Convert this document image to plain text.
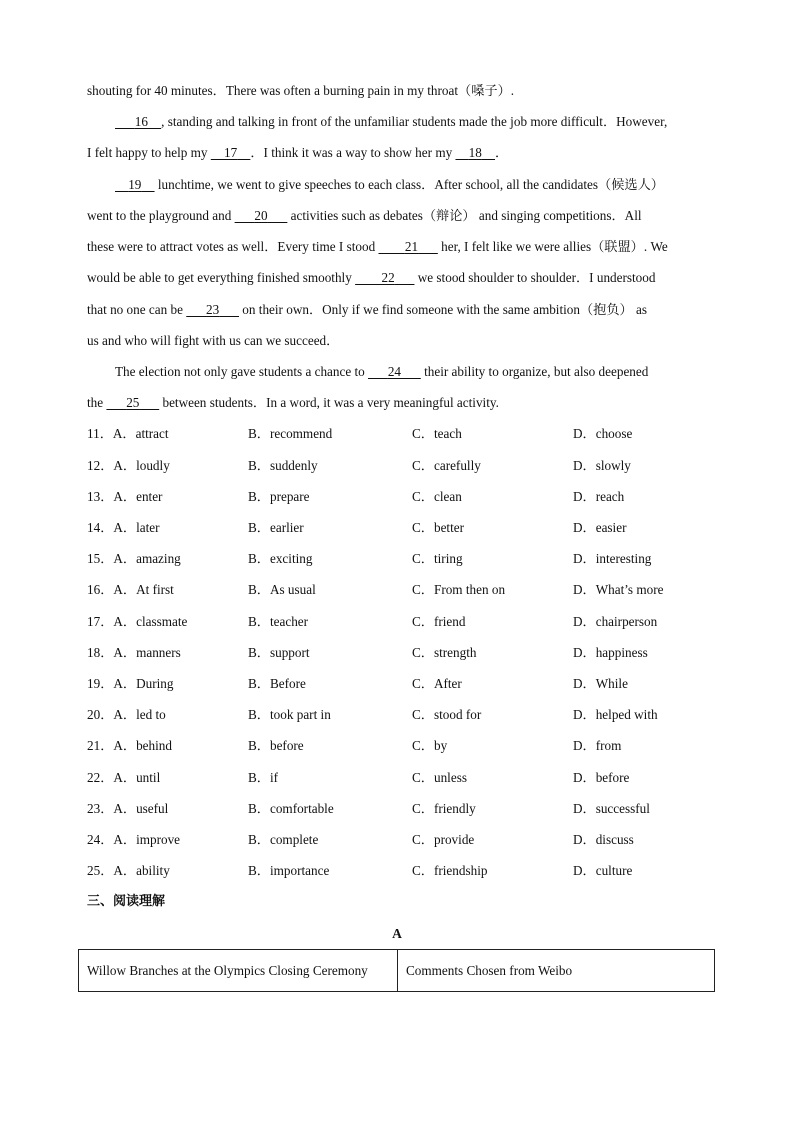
shouting for 40 minutes．There was often a burning pain in my throat（嗓子）.
   16   , standing and talking in front of the unfamiliar students made the job more difficult．However,
I felt happy to help my   17   ．I think it was a way to show her my   18   ．
  19   lunchtime, we went to give speeches to each class．After school, all the candidates（候选人）
went to the playground and    20    activities such as debates（辩论） and singing competitions．All
these were to attract votes as well．Every time I stood     21    her, I felt like we were allies（联盟）. We
would be able to get everything finished smoothly     22    we stood shoulder to shoulder．I understood
that no one can be    23    on their own．Only if we find someone with the same ambition（抱负） as
us and who will fight with us can we succeed．
The election not only gave students a chance to    24    their ability to organize, but also deepened
the    25    between students．In a word, it was a very meaningful activity.
11．A．attract	B．recommend	C．teach	D．choose
12．A．loudly	B．suddenly	C．carefully	D．slowly
13．A．enter	B．prepare	C．clean	D．reach
14．A．later	B．earlier	C．better	D．easier
15．A．amazing	B．exciting	C．tiring	D．interesting
16．A．At first	B．As usual	C．From then on	D．What’s more
17．A．classmate	B．teacher	C．friend	D．chairperson
18．A．manners	B．support	C．strength	D．happiness
19．A．During	B．Before	C．After	D．While
20．A．led to	B．took part in	C．stood for	D．helped with
21．A．behind	B．before	C．by	D．from
22．A．until	B．if	C．unless	D．before
23．A．useful	B．comfortable	C．friendly	D．successful
24．A．improve	B．complete	C．provide	D．discuss
25．A．ability	B．importance	C．friendship	D．culture
三、阅读理解
A
Willow Branches at the Olympics Closing Ceremony	Comments Chosen from Weibo
